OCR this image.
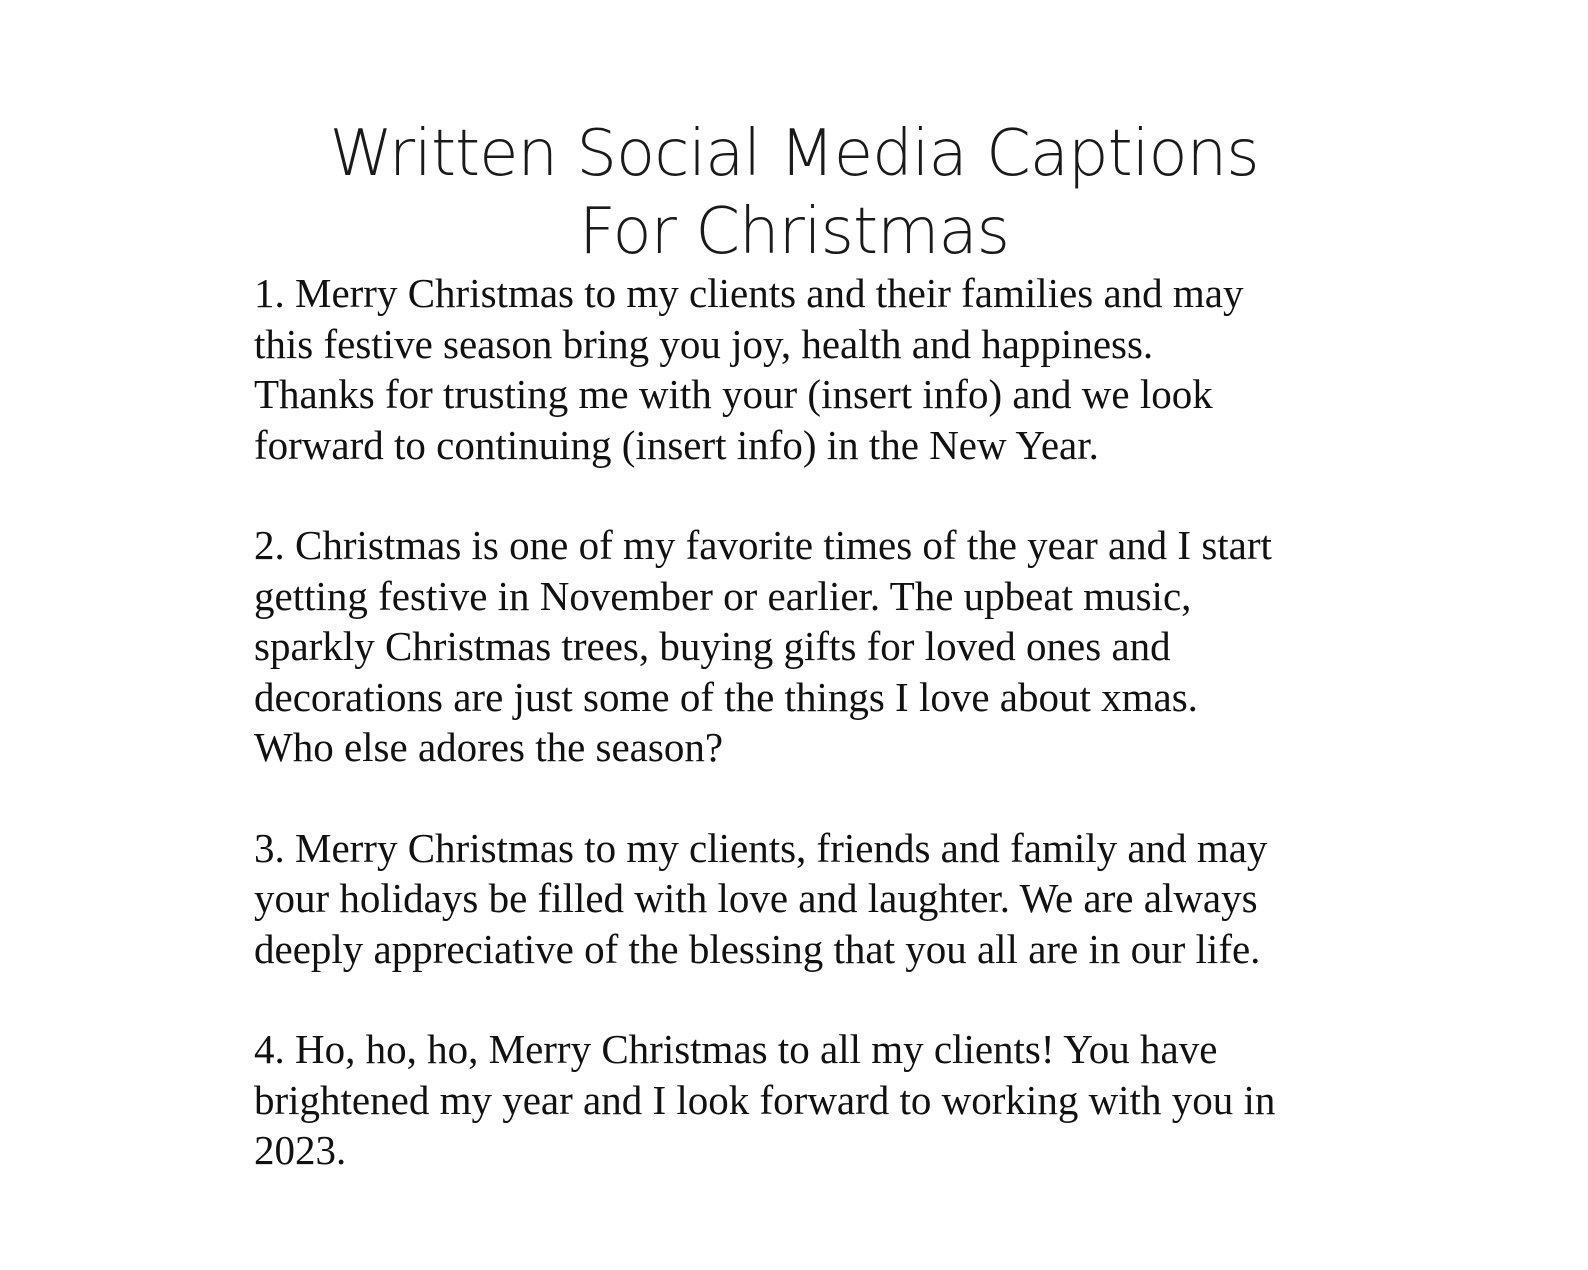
Written Social Media Captions
For Christmas

1. Merry Christmas to my clients and their families and may
this festive season bring you joy, health and happiness.
Thanks for trusting me with your (insert info) and we look
forward to continuing (insert info) in the New Year.

2. Christmas is one of my favorite times of the year and I start
getting festive in November or earlier. The upbeat music,
sparkly Christmas trees, buying gifts for loved ones and
decorations are just some of the things I love about xmas.
Who else adores the season?

3. Merry Christmas to my clients, friends and family and may
your holidays be filled with love and laughter. We are always
deeply appreciative of the blessing that you all are in our life.

4. Ho, ho, ho, Merry Christmas to all my clients! You have
brightened my year and I look forward to working with you in
2023.
